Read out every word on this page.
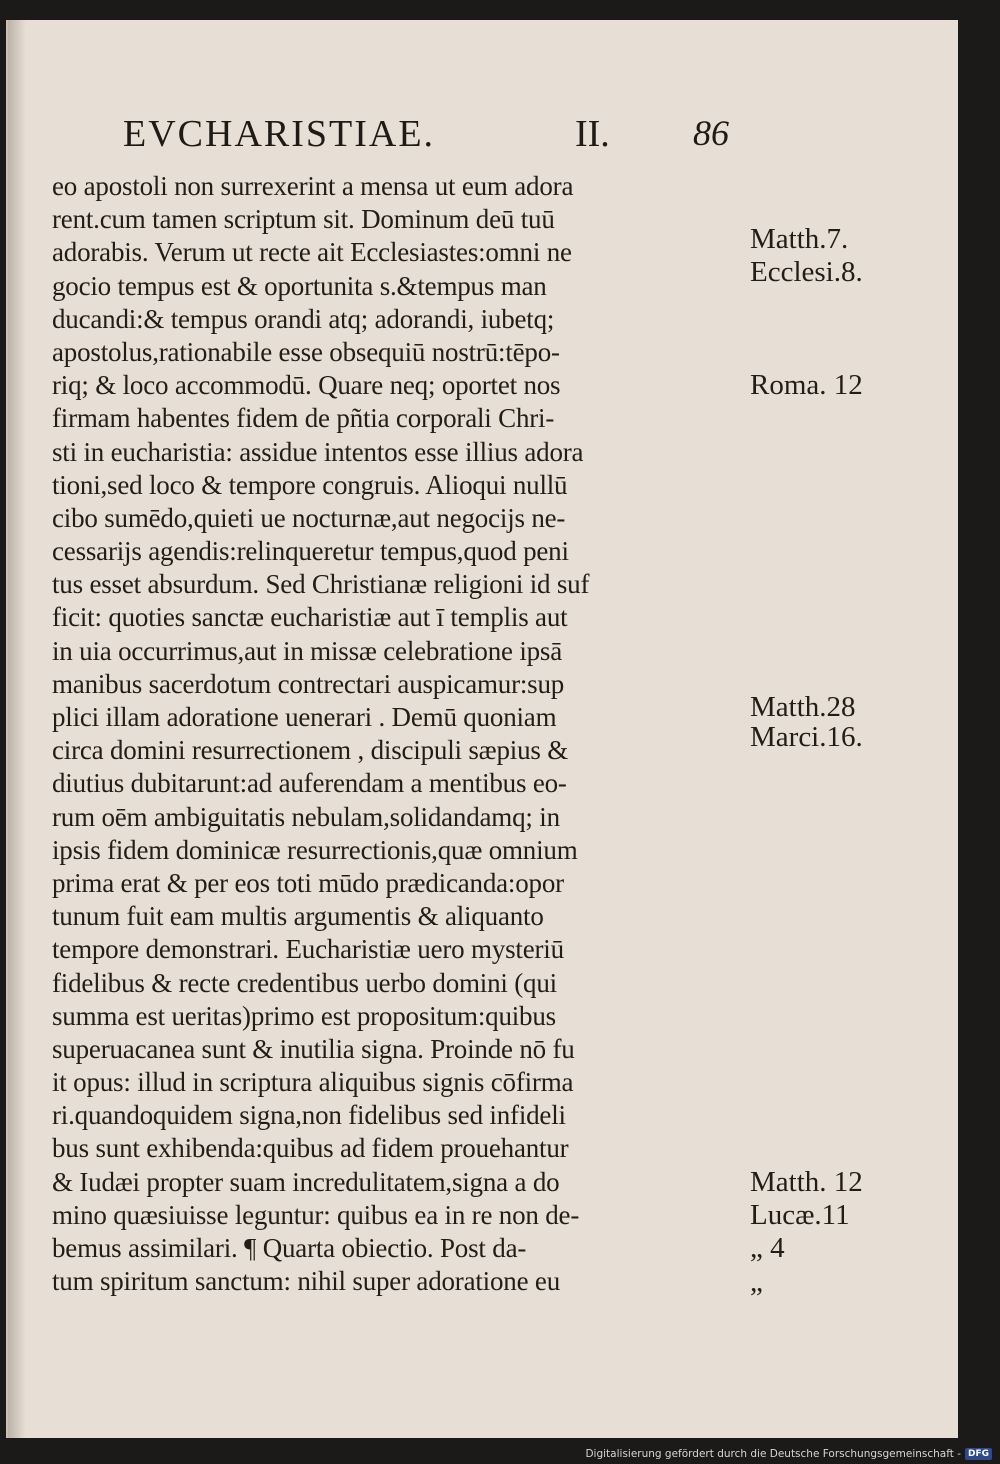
EVCHARISTIAE.	II. 86
eo apostoli non surrexerint a mensa ut eum adora
rent.cum tamen scriptum sit. Dominum deū tuū
adorabis. Verum ut recte ait Ecclesiastes:omni ne
gocio tempus est & oportunita s.&tempus man
ducandi:& tempus orandi atq; adorandi, iubetq;
apostolus,rationabile esse obsequiū nostrū:tēpo-
riq; & loco accommodū. Quare neq; oportet nos
firmam habentes fidem de pñtia corporali Chri-
sti in eucharistia: assidue intentos esse illius adora
tioni,sed loco & tempore congruis. Alioqui nullū
cibo sumēdo,quieti ue nocturnæ,aut negocijs ne-
cessarijs agendis:relinqueretur tempus,quod peni
tus esset absurdum. Sed Christianæ religioni id suf
ficit: quoties sanctæ eucharistiæ aut ī templis aut
in uia occurrimus,aut in missæ celebratione ipsā
manibus sacerdotum contrectari auspicamur:sup
plici illam adoratione uenerari . Demū quoniam
circa domini resurrectionem , discipuli sæpius &
diutius dubitarunt:ad auferendam a mentibus eo-
rum oēm ambiguitatis nebulam,solidandamq; in
ipsis fidem dominicæ resurrectionis,quæ omnium
prima erat & per eos toti mūdo prædicanda:opor
tunum fuit eam multis argumentis & aliquanto
tempore demonstrari. Eucharistiæ uero mysteriū
fidelibus & recte credentibus uerbo domini (qui
summa est ueritas)primo est propositum:quibus
superuacanea sunt & inutilia signa. Proinde nō fu
it opus: illud in scriptura aliquibus signis cōfirma
ri.quandoquidem signa,non fidelibus sed infideli
bus sunt exhibenda:quibus ad fidem prouehantur
& Iudæi propter suam incredulitatem,signa a do
mino quæsiuisse leguntur: quibus ea in re non de-
bemus assimilari. ¶ Quarta obiectio. Post da-
tum spiritum sanctum: nihil super adoratione eu
Matth.7.
Ecclesi.8.
Roma. 12
Matth.28
Marci.16.
Matth. 12
Lucæ.11
„ 4
„
Digitalisierung gefördert durch die Deutsche Forschungsgemeinschaft - DFG
